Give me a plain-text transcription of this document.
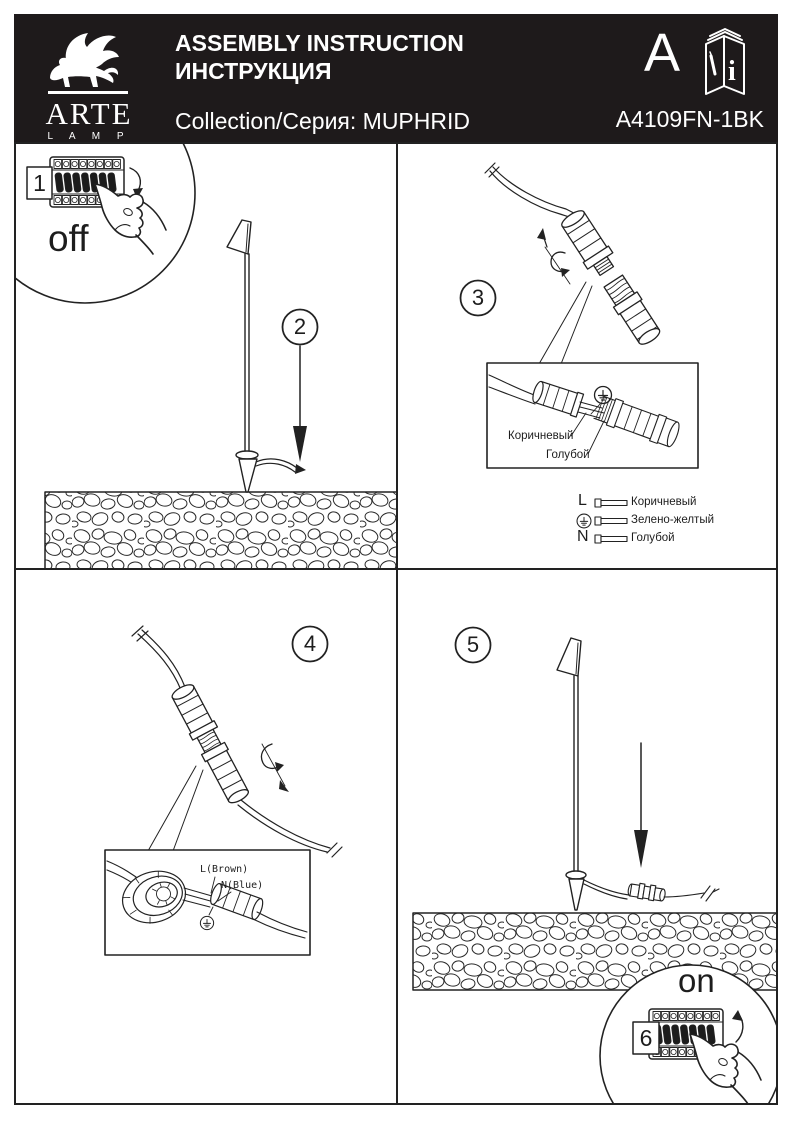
ARTE
L A M P
ASSEMBLY INSTRUCTION
ИНСТРУКЦИЯ
Collection/Серия: MUPHRID
A i
A4109FN-1BK
1
off
2
3
4	5
Коричневый
Голубой
L	Коричневый
Зелено-желтый
N	Голубой
L(Brown)
N(Blue)
on
6
